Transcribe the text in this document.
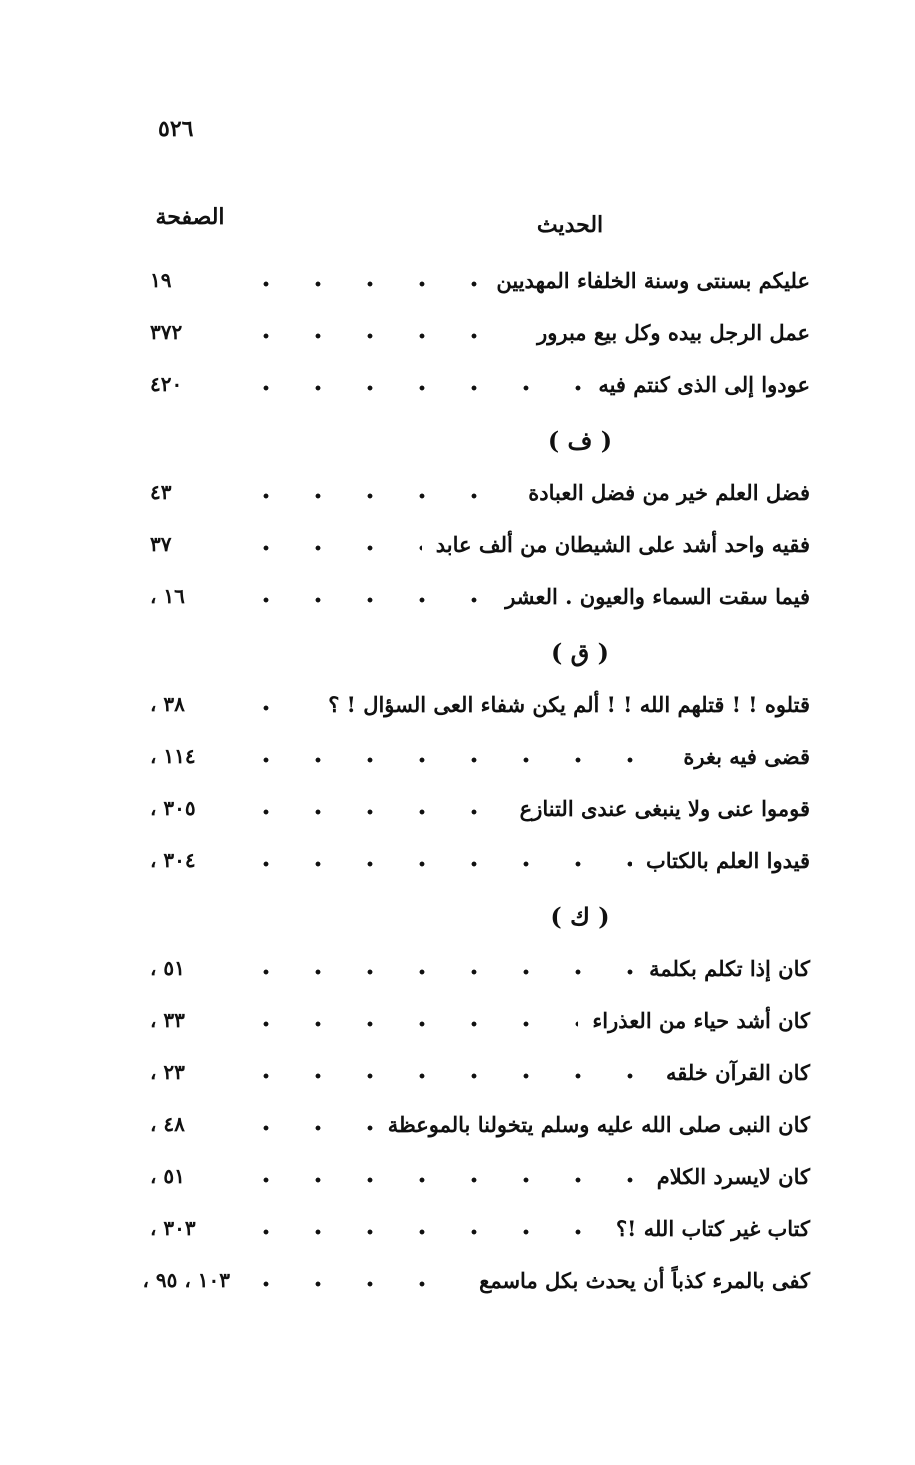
٥٢٦
الحديث
الصفحة
عليكم بسنتى وسنة الخلفاء المهديين
١٩
عمل الرجل بيده وكل بيع مبرور
٣٧٢
عودوا إلى الذى كنتم فيه
٤٢٠
( ف )
فضل العلم خير من فضل العبادة
٤٣
فقيه واحد أشد على الشيطان من ألف عابد
٣٧
فيما سقت السماء والعيون . العشر
١٦ ،
( ق )
قتلوه ! ! قتلهم الله ! ! ألم يكن شفاء العى السؤال ! ؟
٣٨ ،
قضى فيه بغرة
١١٤ ،
قوموا عنى ولا ينبغى عندى التنازع
٣٠٥ ،
قيدوا العلم بالكتاب
٣٠٤ ،
( ك )
كان إذا تكلم بكلمة
٥١ ،
كان أشد حياء من العذراء
٣٣ ،
كان القرآن خلقه
٢٣ ،
كان النبى صلى الله عليه وسلم يتخولنا بالموعظة
٤٨ ،
كان لايسرد الكلام
٥١ ،
كتاب غير كتاب الله !؟
٣٠٣ ،
كفى بالمرء كذباً أن يحدث بكل ماسمع
١٠٣ ، ٩٥ ،
